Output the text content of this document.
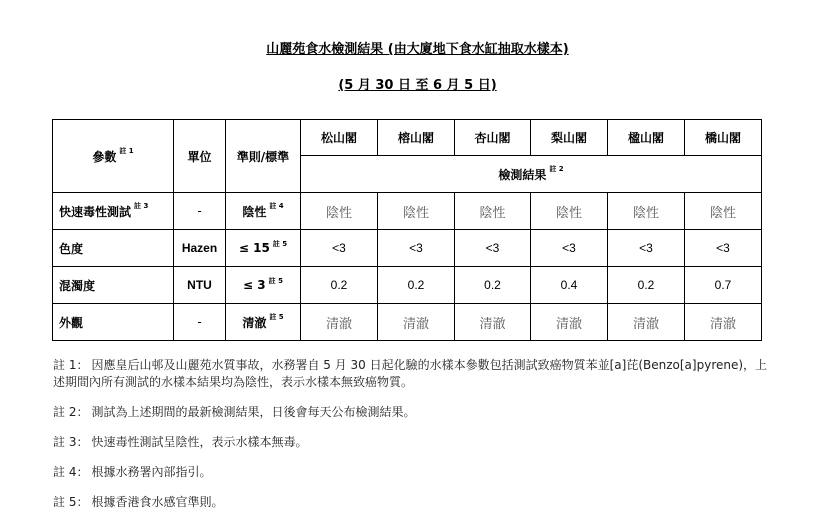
山麗苑食水檢測結果 (由大廈地下食水缸抽取水樣本)
(5 月 30 日 至 6 月 5 日)
參數 $^{註 1}$	單位	準則/標準	松山閣	榕山閣	杏山閣	梨山閣	楹山閣	橋山閣
			檢測結果 $^{註 2}$
快速毒性測試 $^{註 3}$	-	陰性 $^{註 4}$	陰性	陰性	陰性	陰性	陰性	陰性
色度	Hazen	≤ 15 $^{註 5}$	<3	<3	<3	<3	<3	<3
混濁度	NTU	≤ 3 $^{註 5}$	0.2	0.2	0.2	0.4	0.2	0.7
外觀	-	清澈 $^{註 5}$	清澈	清澈	清澈	清澈	清澈	清澈

註 1： 因應皇后山邨及山麗苑水質事故，水務署自 5 月 30 日起化驗的水樣本參數包括測試致癌物質苯並[a]芘(Benzo[a]pyrene)，上述期間內所有測試的水樣本結果均為陰性，表示水樣本無致癌物質。

註 2： 測試為上述期間的最新檢測結果，日後會每天公布檢測結果。

註 3： 快速毒性測試呈陰性，表示水樣本無毒。

註 4： 根據水務署內部指引。

註 5： 根據香港食水感官準則。
